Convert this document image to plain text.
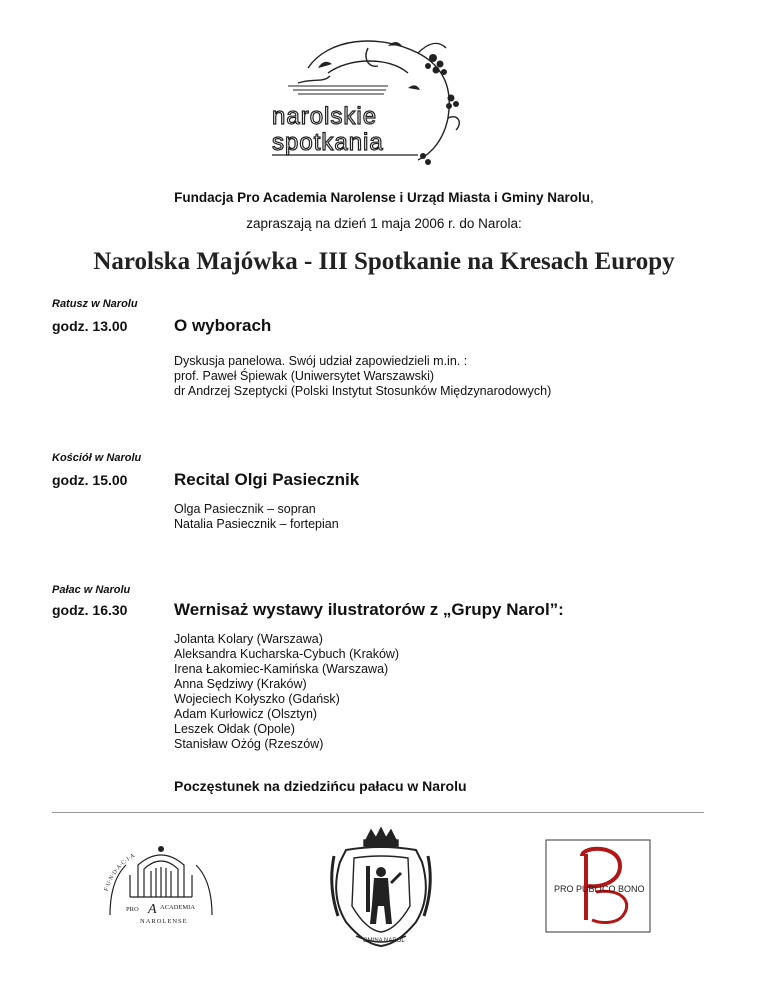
narolskie
spotkania
Fundacja Pro Academia Narolense i Urząd Miasta i Gminy Narolu,
zapraszają na dzień 1 maja 2006 r. do Narola:
Narolska Majówka - III Spotkanie na Kresach Europy
Ratusz w Narolu
godz. 13.00	O wyborach
Dyskusja panelowa. Swój udział zapowiedzieli m.in. :
prof. Paweł Śpiewak (Uniwersytet Warszawski)
dr Andrzej Szeptycki (Polski Instytut Stosunków Międzynarodowych)
Kościół w Narolu
godz. 15.00	Recital Olgi Pasiecznik
Olga Pasiecznik – sopran
Natalia Pasiecznik – fortepian
Pałac w Narolu
godz. 16.30	Wernisaż wystawy ilustratorów z „Grupy Narol”:
Jolanta Kolary (Warszawa)
Aleksandra Kucharska-Cybuch (Kraków)
Irena Łakomiec-Kamińska (Warszawa)
Anna Sędziwy (Kraków)
Wojeciech Kołyszko (Gdańsk)
Adam Kurłowicz (Olsztyn)
Leszek Ołdak (Opole)
Stanisław Ożóg (Rzeszów)
Poczęstunek na dziedzińcu pałacu w Narolu
F·U·N·D·A·C·J·A
PRO A ACADEMIA
NAROLENSE
GMINA NAROL
PRO PUBLICO BONO
